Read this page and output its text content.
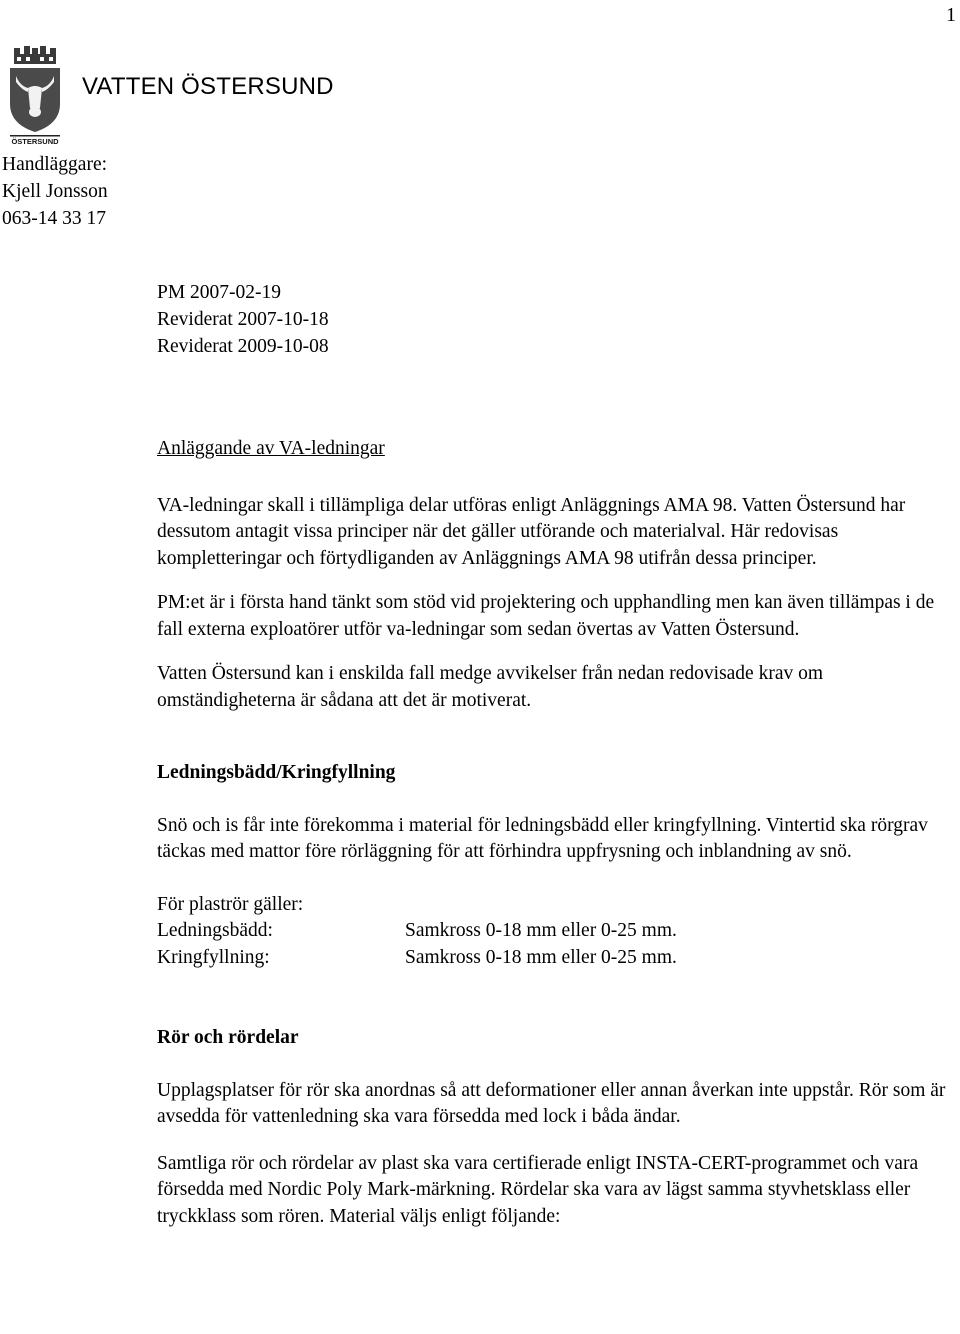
1
ÖSTERSUND
VATTEN ÖSTERSUND
Handläggare:
Kjell Jonsson
063-14 33 17
PM 2007-02-19
Reviderat 2007-10-18
Reviderat 2009-10-08
Anläggande av VA-ledningar

VA-ledningar skall i tillämpliga delar utföras enligt Anläggnings AMA 98. Vatten Östersund har dessutom antagit vissa principer när det gäller utförande och materialval. Här redovisas kompletteringar och förtydliganden av Anläggnings AMA 98 utifrån dessa principer.

PM:et är i första hand tänkt som stöd vid projektering och upphandling men kan även tillämpas i de fall externa exploatörer utför va-ledningar som sedan övertas av Vatten Östersund.

Vatten Östersund kan i enskilda fall medge avvikelser från nedan redovisade krav om omständigheterna är sådana att det är motiverat.

Ledningsbädd/Kringfyllning

Snö och is får inte förekomma i material för ledningsbädd eller kringfyllning. Vintertid ska rörgrav täckas med mattor före rörläggning för att förhindra uppfrysning och inblandning av snö.

För plaströr gäller:
Ledningsbädd:	Samkross 0-18 mm eller 0-25 mm.
Kringfyllning:	Samkross 0-18 mm eller 0-25 mm.
Rör och rördelar

Upplagsplatser för rör ska anordnas så att deformationer eller annan åverkan inte uppstår. Rör som är avsedda för vattenledning ska vara försedda med lock i båda ändar.

Samtliga rör och rördelar av plast ska vara certifierade enligt INSTA-CERT-programmet och vara försedda med Nordic Poly Mark-märkning. Rördelar ska vara av lägst samma styvhetsklass eller tryckklass som rören. Material väljs enligt följande:
